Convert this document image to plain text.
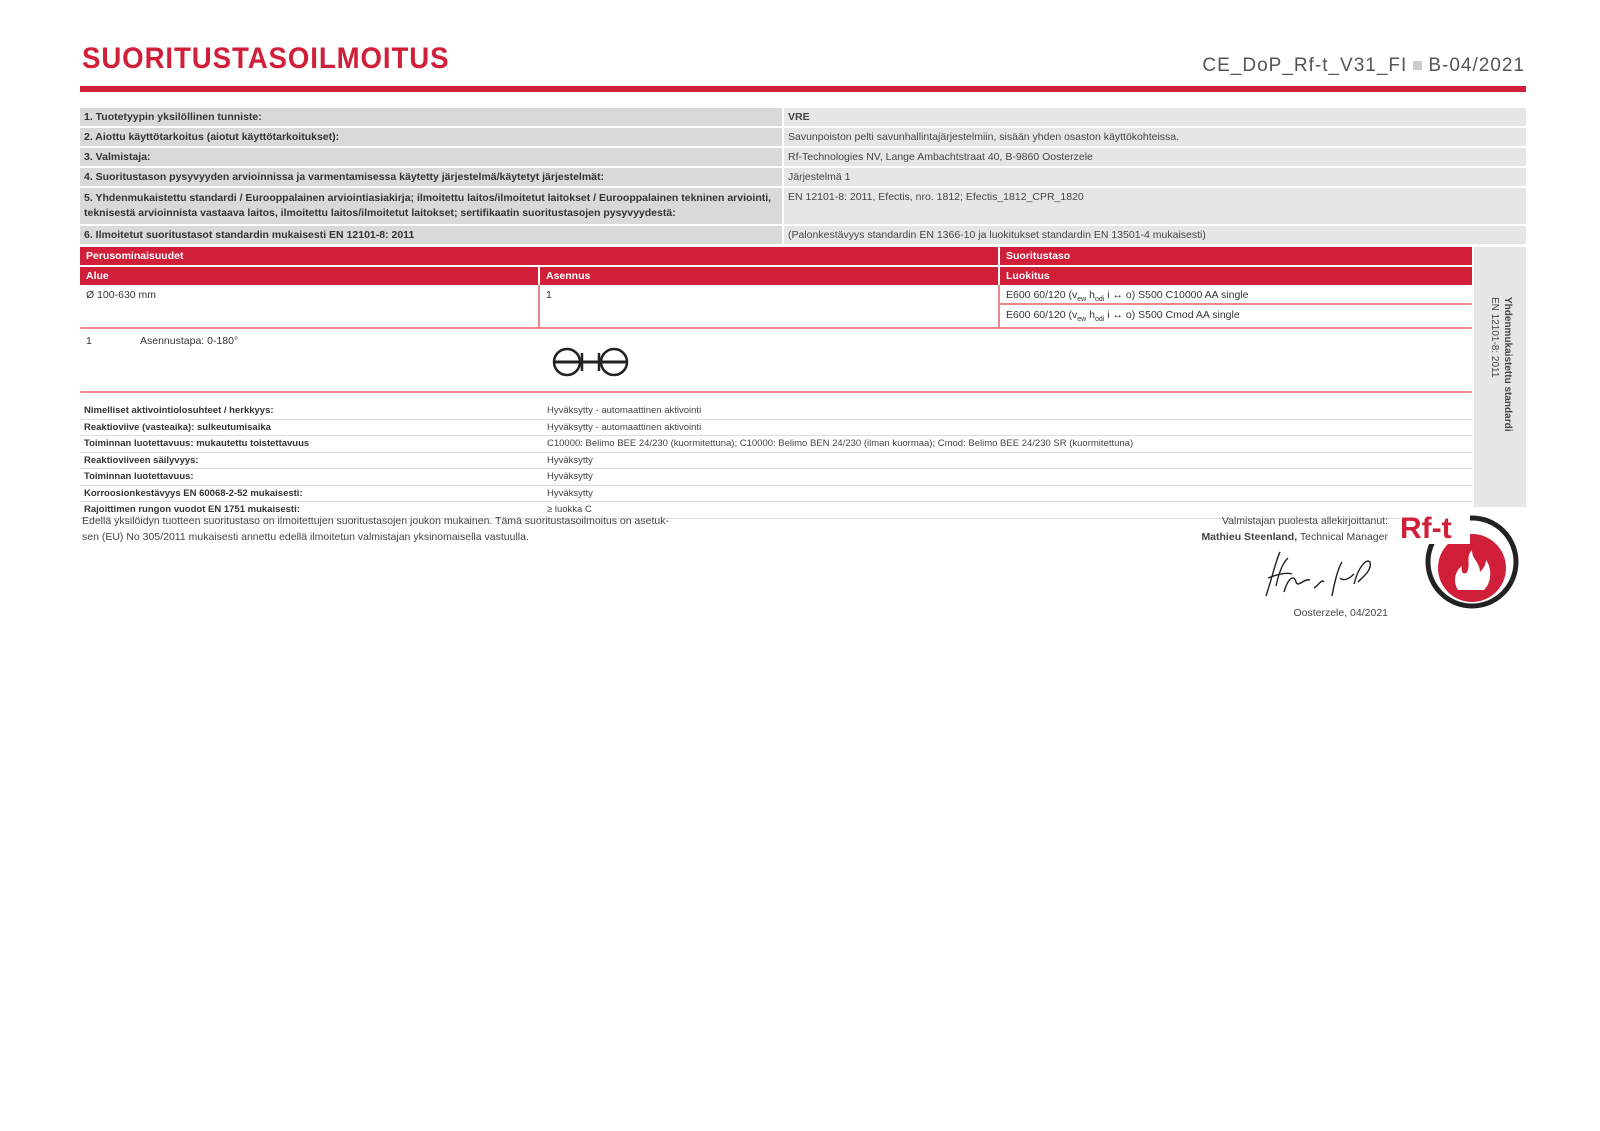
SUORITUSTASOILMOITUS	CE_DoP_Rf-t_V31_FI B-04/2021
1. Tuotetyypin yksilöllinen tunniste:	VRE
2. Aiottu käyttötarkoitus (aiotut käyttötarkoitukset):	Savunpoiston pelti savunhallintajärjestelmiin, sisään yhden osaston käyttökohteissa.
3. Valmistaja:	Rf-Technologies NV, Lange Ambachtstraat 40, B-9860 Oosterzele
4. Suoritustason pysyvyyden arvioinnissa ja varmentamisessa käytetty järjestelmä/käytetyt järjestelmät:	Järjestelmä 1
5. Yhdenmukaistettu standardi / Eurooppalainen arviointiasiakirja; ilmoitettu laitos/ilmoitetut laitokset / Eurooppalainen tekninen arviointi, teknisestä arvioinnista vastaava laitos, ilmoitettu laitos/ilmoitetut laitokset; sertifikaatin suoritustasojen pysyvyydestä:
EN 12101-8: 2011, Efectis, nro. 1812; Efectis_1812_CPR_1820
6. Ilmoitetut suoritustasot standardin mukaisesti EN 12101-8: 2011	(Palonkestävyys standardin EN 1366-10 ja luokitukset standardin EN 13501-4 mukaisesti)
Perusominaisuudet	Suoritustaso
Alue	Asennus	Luokitus
Ø 100-630 mm	1	E600 60/120 ($v_{ew}$ $h_{odi}$ i ↔ o) S500 C10000 AA single
E600 60/120 ($v_{ew}$ $h_{odi}$ i ↔ o) S500 Cmod AA single
1	Asennustapa: 0-180°	Yhdenmukaistettu standardi
EN 12101-8: 2011
Nimelliset aktivointiolosuhteet / herkkyys:	Hyväksytty - automaattinen aktivointi
Reaktioviive (vasteaika): sulkeutumisaika	Hyväksytty - automaattinen aktivointi
Toiminnan luotettavuus: mukautettu toistettavuus	C10000: Belimo BEE 24/230 (kuormitettuna); C10000: Belimo BEN 24/230 (ilman kuormaa); Cmod: Belimo BEE 24/230 SR (kuormitettuna)
Reaktioviiveen säilyvyys:	Hyväksytty
Toiminnan luotettavuus:	Hyväksytty
Korroosionkestävyys EN 60068-2-52 mukaisesti:	Hyväksytty
Rajoittimen rungon vuodot EN 1751 mukaisesti:	≥ luokka C
Edellä yksilöidyn tuotteen suoritustaso on ilmoitettujen suoritustasojen joukon mukainen. Tämä suoritustasoilmoitus on asetuk-
sen (EU) No 305/2011 mukaisesti annettu edellä ilmoitetun valmistajan yksinomaisella vastuulla.
Valmistajan puolesta allekirjoittanut:
Mathieu Steenland, Technical Manager
Oosterzele, 04/2021
Rf-t
